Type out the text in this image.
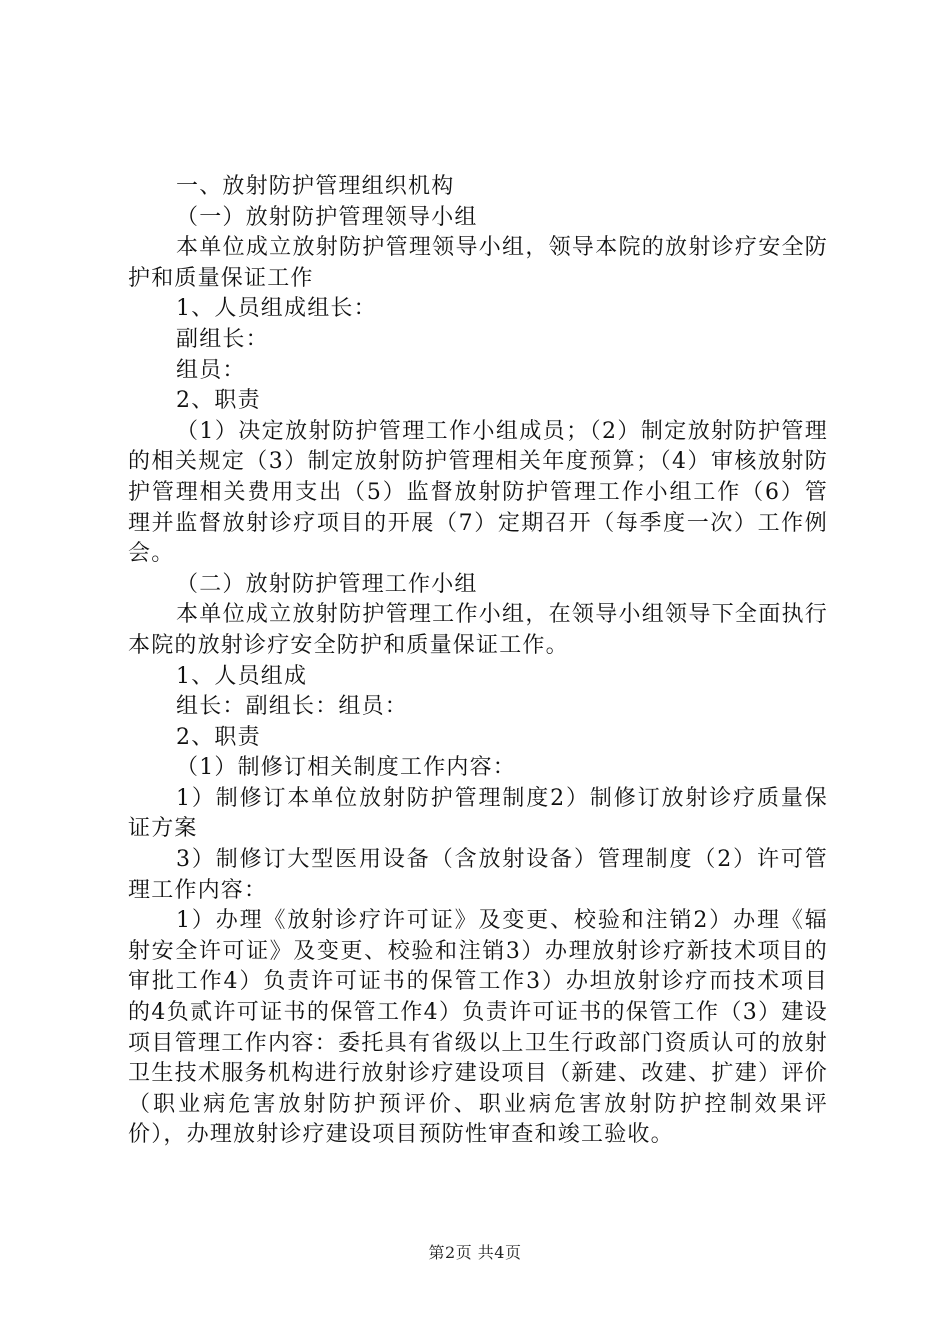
一、放射防护管理组织机构

（一）放射防护管理领导小组

本单位成立放射防护管理领导小组，领导本院的放射诊疗安全防护和质量保证工作

1、人员组成组长：

副组长：

组员：

2、职责

（1）决定放射防护管理工作小组成员；（2）制定放射防护管理的相关规定（3）制定放射防护管理相关年度预算；（4）审核放射防护管理相关费用支出（5）监督放射防护管理工作小组工作（6）管理并监督放射诊疗项目的开展（7）定期召开（每季度一次）工作例会。

（二）放射防护管理工作小组

本单位成立放射防护管理工作小组，在领导小组领导下全面执行本院的放射诊疗安全防护和质量保证工作。

1、人员组成

组长：副组长：组员：

2、职责

（1）制修订相关制度工作内容：

1）制修订本单位放射防护管理制度2）制修订放射诊疗质量保证方案

3）制修订大型医用设备（含放射设备）管理制度（2）许可管理工作内容：

1）办理《放射诊疗许可证》及变更、校验和注销2）办理《辐射安全许可证》及变更、校验和注销3）办理放射诊疗新技术项目的审批工作4）负责许可证书的保管工作3）办坦放射诊疗而技术项目的4负贰许可证书的保管工作4）负责许可证书的保管工作（3）建设项目管理工作内容：委托具有省级以上卫生行政部门资质认可的放射卫生技术服务机构进行放射诊疗建设项目（新建、改建、扩建）评价（职业病危害放射防护预评价、职业病危害放射防护控制效果评价），办理放射诊疗建设项目预防性审查和竣工验收。

第2页 共4页
